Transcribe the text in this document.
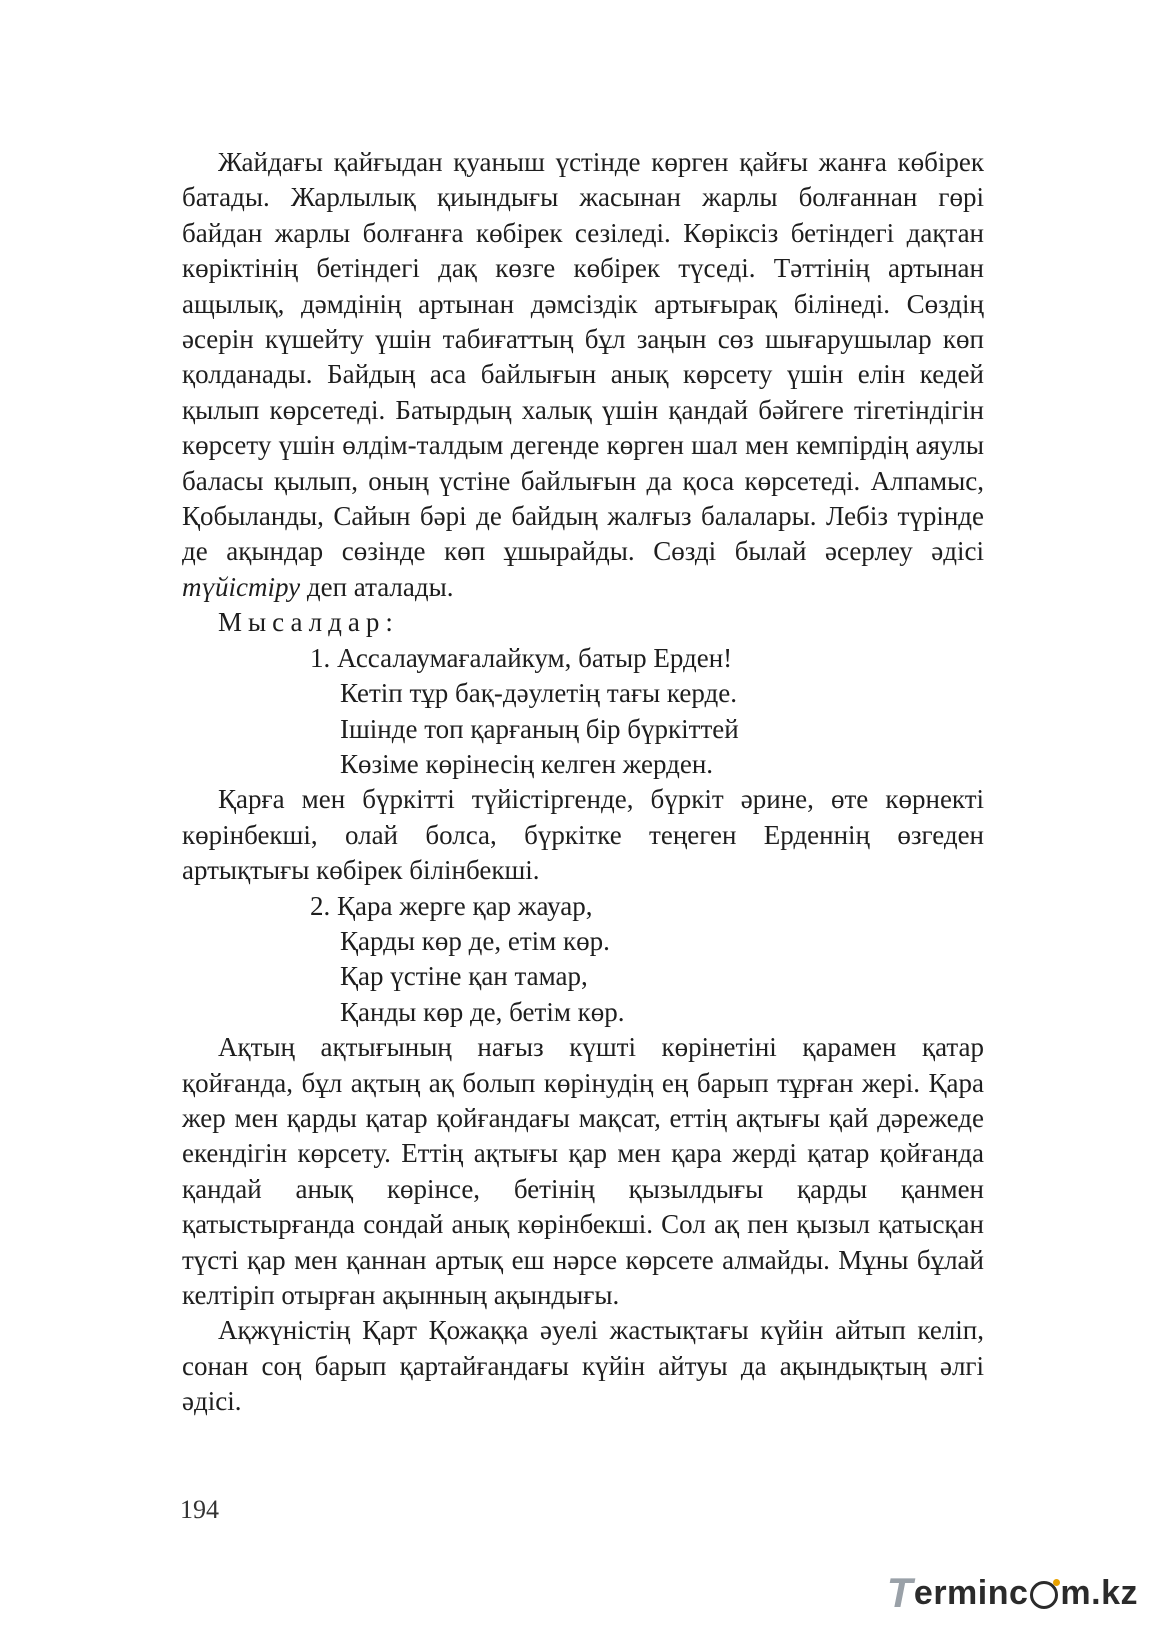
Жайдағы қайғыдан қуаныш үстінде көрген қайғы жанға көбірек батады. Жарлылық қиындығы жасынан жарлы болғаннан гөрі байдан жарлы болғанға көбірек сезіледі. Көріксіз бетіндегі дақтан көріктінің бетіндегі дақ көзге көбірек түседі. Тәттінің артынан ащылық, дәмдінің артынан дәмсіздік артығырақ білінеді. Сөздің әсерін күшейту үшін табиғаттың бұл заңын сөз шығарушылар көп қолданады. Байдың аса байлығын анық көрсету үшін елін кедей қылып көрсетеді. Батырдың халық үшін қандай бәйгеге тігетіндігін көрсету үшін өлдім-талдым дегенде көрген шал мен кемпірдің аяулы баласы қылып, оның үстіне байлығын да қоса көрсетеді. Алпамыс, Қобыланды, Сайын бәрі де байдың жалғыз балалары. Лебіз түрінде де ақындар сөзінде көп ұшырайды. Сөзді былай әсерлеу әдісі түйістіру деп аталады.

Мысалдар:

1. Ассалаумағалайкум, батыр Ерден!
Кетіп тұр бақ-дәулетің тағы керде.
Ішінде топ қарғаның бір бүркіттей
Көзіме көрінесің келген жерден.

Қарға мен бүркітті түйістіргенде, бүркіт әрине, өте көрнекті көрінбекші, олай болса, бүркітке теңеген Ерденнің өзгеден артықтығы көбірек білінбекші.

2. Қара жерге қар жауар,
Қарды көр де, етім көр.
Қар үстіне қан тамар,
Қанды көр де, бетім көр.

Ақтың ақтығының нағыз күшті көрінетіні қарамен қатар қойғанда, бұл ақтың ақ болып көрінудің ең барып тұрған жері. Қара жер мен қарды қатар қойғандағы мақсат, еттің ақтығы қай дәрежеде екендігін көрсету. Еттің ақтығы қар мен қара жерді қатар қойғанда қандай анық көрінсе, бетінің қызылдығы қарды қанмен қатыстырғанда сондай анық көрінбекші. Сол ақ пен қызыл қатысқан түсті қар мен қаннан артық еш нәрсе көрсете алмайды. Мұны бұлай келтіріп отырған ақынның ақындығы.

Ақжүністің Қарт Қожаққа әуелі жастықтағы күйін айтып келіп, сонан соң барып қартайғандағы күйін айтуы да ақындықтың әлгі әдісі.

194
T erminc m.kz
